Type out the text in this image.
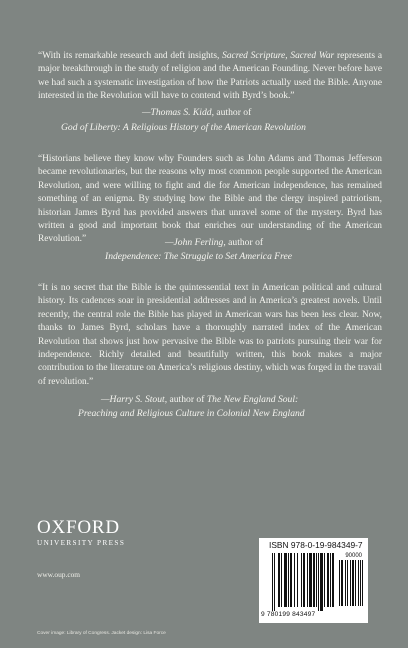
“With its remarkable research and deft insights, Sacred Scripture, Sacred War represents a major breakthrough in the study of religion and the American Founding. Never before have we had such a systematic investigation of how the Patriots actually used the Bible. Anyone interested in the Revolution will have to contend with Byrd’s book.”

—Thomas S. Kidd, author of
God of Liberty: A Religious History of the American Revolution

“Historians believe they know why Founders such as John Adams and Thomas Jefferson became revolutionaries, but the reasons why most common people supported the American Revolution, and were willing to fight and die for American independence, has remained something of an enigma. By studying how the Bible and the clergy inspired patriotism, historian James Byrd has provided answers that unravel some of the mystery. Byrd has written a good and important book that enriches our understanding of the American Revolution.”	—John Ferling, author of
Independence: The Struggle to Set America Free

“It is no secret that the Bible is the quintessential text in American political and cultural history. Its cadences soar in presidential addresses and in America’s greatest novels. Until recently, the central role the Bible has played in American wars has been less clear. Now, thanks to James Byrd, scholars have a thoroughly narrated index of the American Revolution that shows just how pervasive the Bible was to patriots pursuing their war for independence. Richly detailed and beautifully written, this book makes a major contribution to the literature on America’s religious destiny, which was forged in the travail of revolution.”

—Harry S. Stout, author of The New England Soul:
Preaching and Religious Culture in Colonial New England
OXFORD
UNIVERSITY PRESS
www.oup.com
Cover image: Library of Congress. Jacket design: Lisa Force
ISBN 978-0-19-984349-7
90000
9 780199 843497
